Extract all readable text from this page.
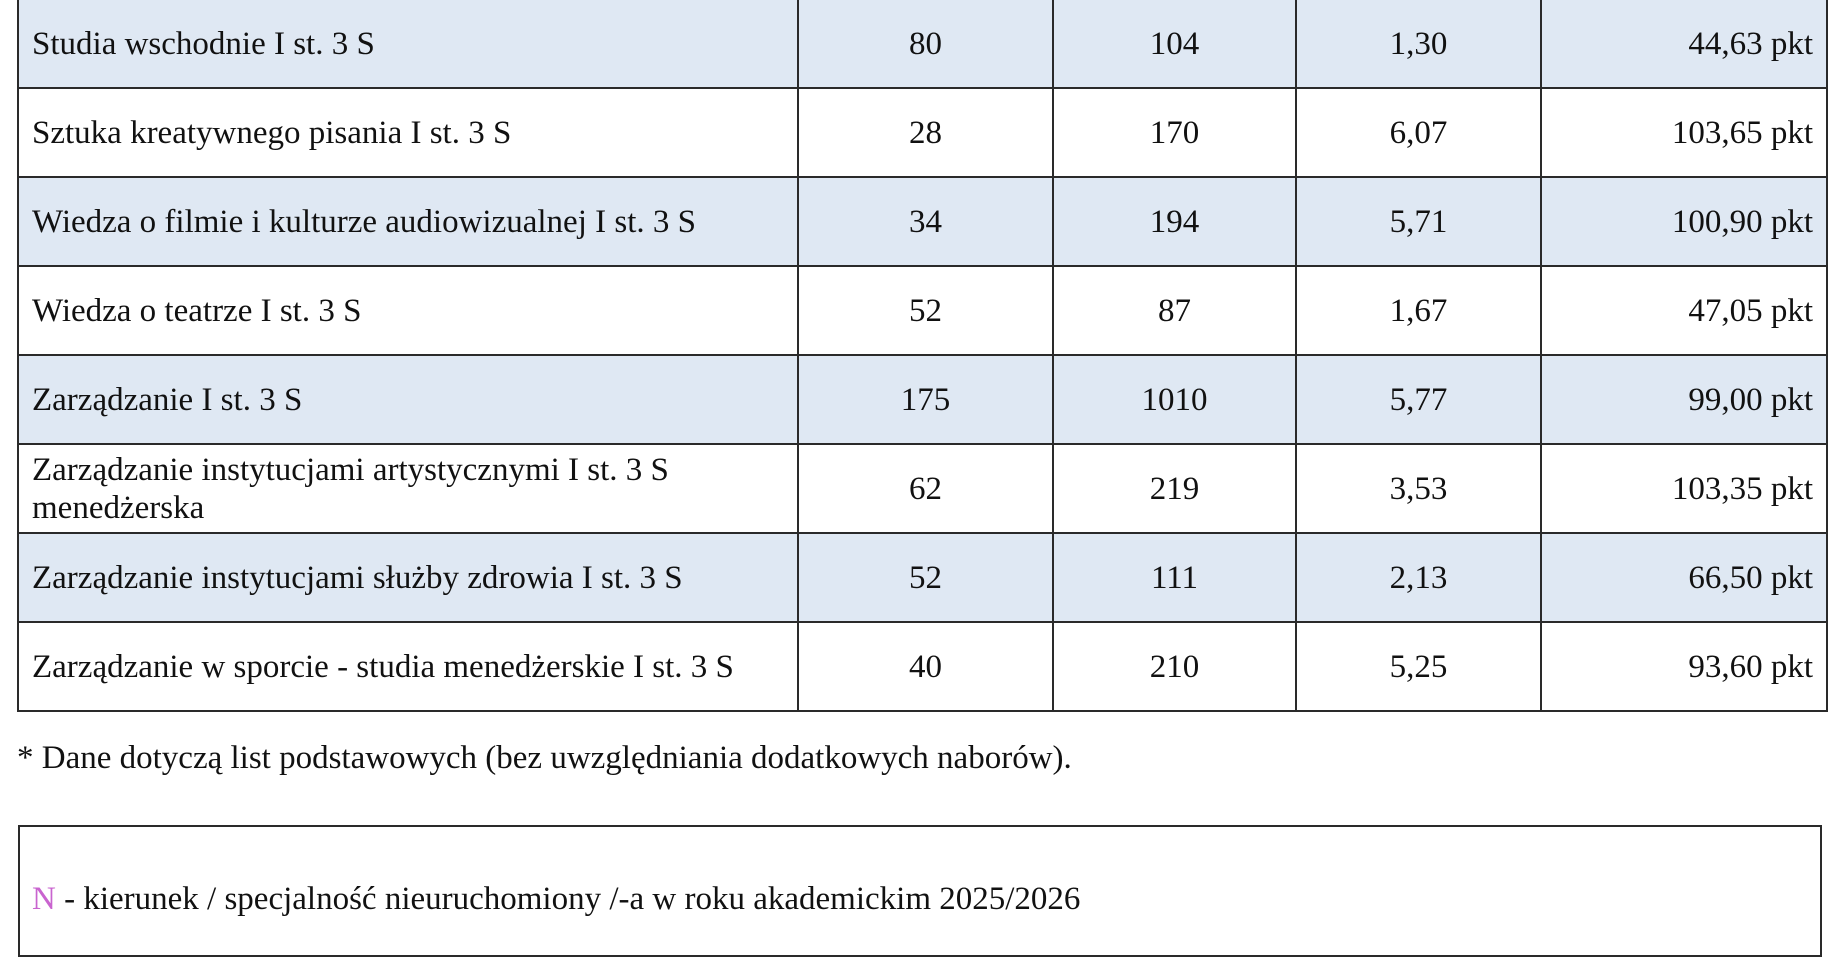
Studia wschodnie I st. 3 S	80	104	1,30	44,63 pkt
Sztuka kreatywnego pisania I st. 3 S	28	170	6,07	103,65 pkt
Wiedza o filmie i kulturze audiowizualnej I st. 3 S	34	194	5,71	100,90 pkt
Wiedza o teatrze I st. 3 S	52	87	1,67	47,05 pkt
Zarządzanie I st. 3 S	175	1010	5,77	99,00 pkt
Zarządzanie instytucjami artystycznymi I st. 3 S menedżerska	62	219	3,53	103,35 pkt
Zarządzanie instytucjami służby zdrowia I st. 3 S	52	111	2,13	66,50 pkt
Zarządzanie w sporcie - studia menedżerskie I st. 3 S	40	210	5,25	93,60 pkt

* Dane dotyczą list podstawowych (bez uwzględniania dodatkowych naborów).

N - kierunek / specjalność nieuruchomiony /-a w roku akademickim 2025/2026
